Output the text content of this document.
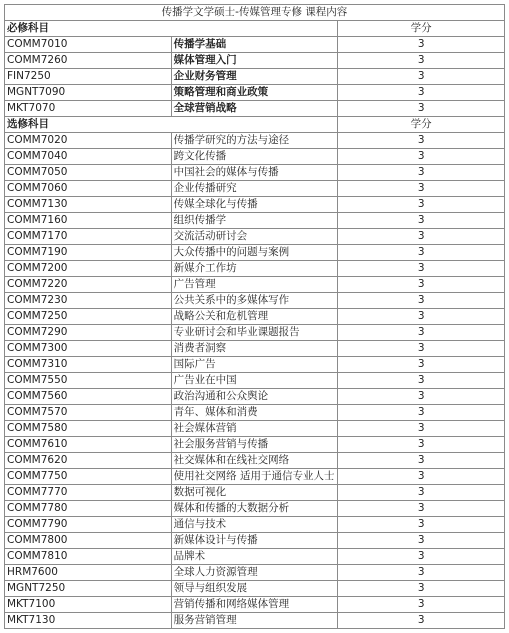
传播学文学硕士-传媒管理专修 课程内容		
必修科目		学分
COMM7010	传播学基础	3
COMM7260	媒体管理入门	3
FIN7250	企业财务管理	3
MGNT7090	策略管理和商业政策	3
MKT7070	全球营销战略	3
选修科目		学分
COMM7020	传播学研究的方法与途径	3
COMM7040	跨文化传播	3
COMM7050	中国社会的媒体与传播	3
COMM7060	企业传播研究	3
COMM7130	传媒全球化与传播	3
COMM7160	组织传播学	3
COMM7170	交流活动研讨会	3
COMM7190	大众传播中的问题与案例	3
COMM7200	新媒介工作坊	3
COMM7220	广告管理	3
COMM7230	公共关系中的多媒体写作	3
COMM7250	战略公关和危机管理	3
COMM7290	专业研讨会和毕业课题报告	3
COMM7300	消费者洞察	3
COMM7310	国际广告	3
COMM7550	广告业在中国	3
COMM7560	政治沟通和公众舆论	3
COMM7570	青年、媒体和消费	3
COMM7580	社会媒体营销	3
COMM7610	社会服务营销与传播	3
COMM7620	社交媒体和在线社交网络	3
COMM7750	使用社交网络 适用于通信专业人士	3
COMM7770	数据可视化	3
COMM7780	媒体和传播的大数据分析	3
COMM7790	通信与技术	3
COMM7800	新媒体设计与传播	3
COMM7810	品牌术	3
HRM7600	全球人力资源管理	3
MGNT7250	领导与组织发展	3
MKT7100	营销传播和网络媒体管理	3
MKT7130	服务营销管理	3
